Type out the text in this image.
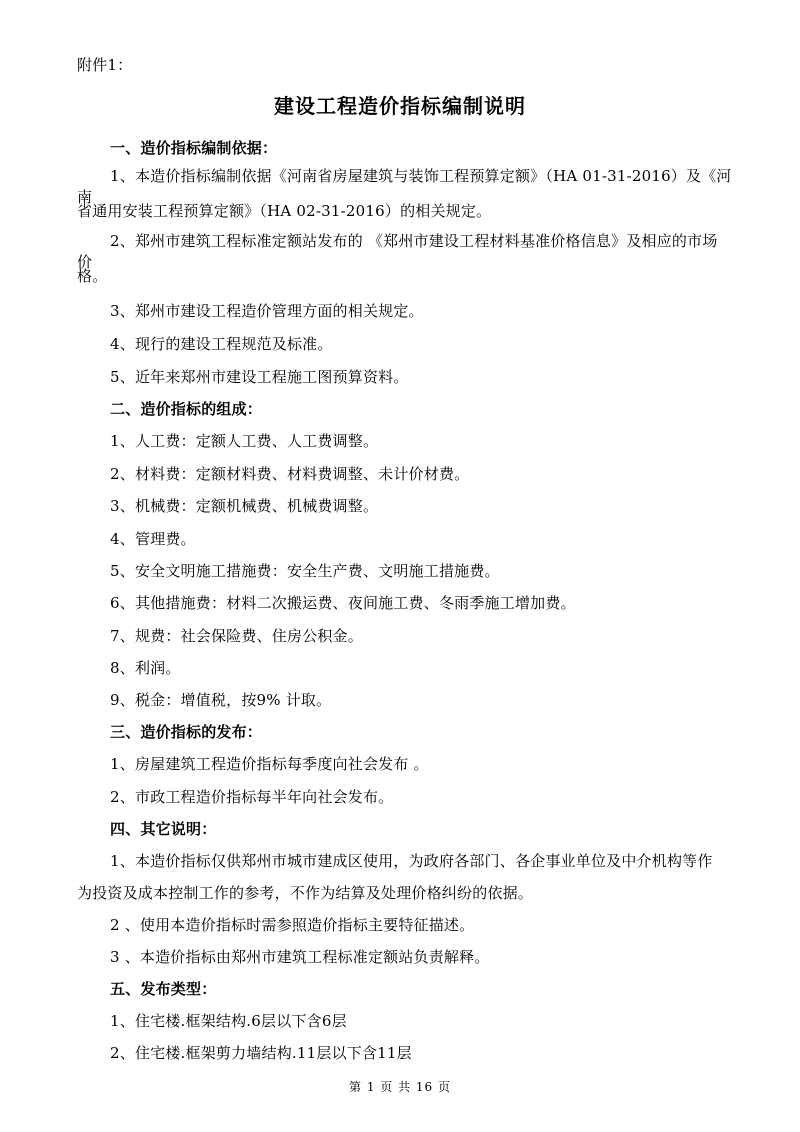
附件1：
建设工程造价指标编制说明
一、造价指标编制依据：
1、本造价指标编制依据《河南省房屋建筑与装饰工程预算定额》（HA 01-31-2016）及《河
南
省通用安装工程预算定额》（HA 02-31-2016）的相关规定。
2、郑州市建筑工程标准定额站发布的 《郑州市建设工程材料基准价格信息》及相应的市场
价
格。
3、郑州市建设工程造价管理方面的相关规定。
4、现行的建设工程规范及标准。
5、近年来郑州市建设工程施工图预算资料。
二、造价指标的组成：
1、人工费：定额人工费、人工费调整。
2、材料费：定额材料费、材料费调整、未计价材费。
3、机械费：定额机械费、机械费调整。
4、管理费。
5、安全文明施工措施费：安全生产费、文明施工措施费。
6、其他措施费：材料二次搬运费、夜间施工费、冬雨季施工增加费。
7、规费：社会保险费、住房公积金。
8、利润。
9、税金：增值税，按9% 计取。
三、造价指标的发布：
1、房屋建筑工程造价指标每季度向社会发布 。
2、市政工程造价指标每半年向社会发布。
四、其它说明：
1、本造价指标仅供郑州市城市建成区使用，为政府各部门、各企事业单位及中介机构等作
为投资及成本控制工作的参考，不作为结算及处理价格纠纷的依据。
2 、使用本造价指标时需参照造价指标主要特征描述。
3 、本造价指标由郑州市建筑工程标准定额站负责解释。
五、发布类型：
1、住宅楼.框架结构.6层以下含6层
2、住宅楼.框架剪力墙结构.11层以下含11层
第 1 页 共 16 页
